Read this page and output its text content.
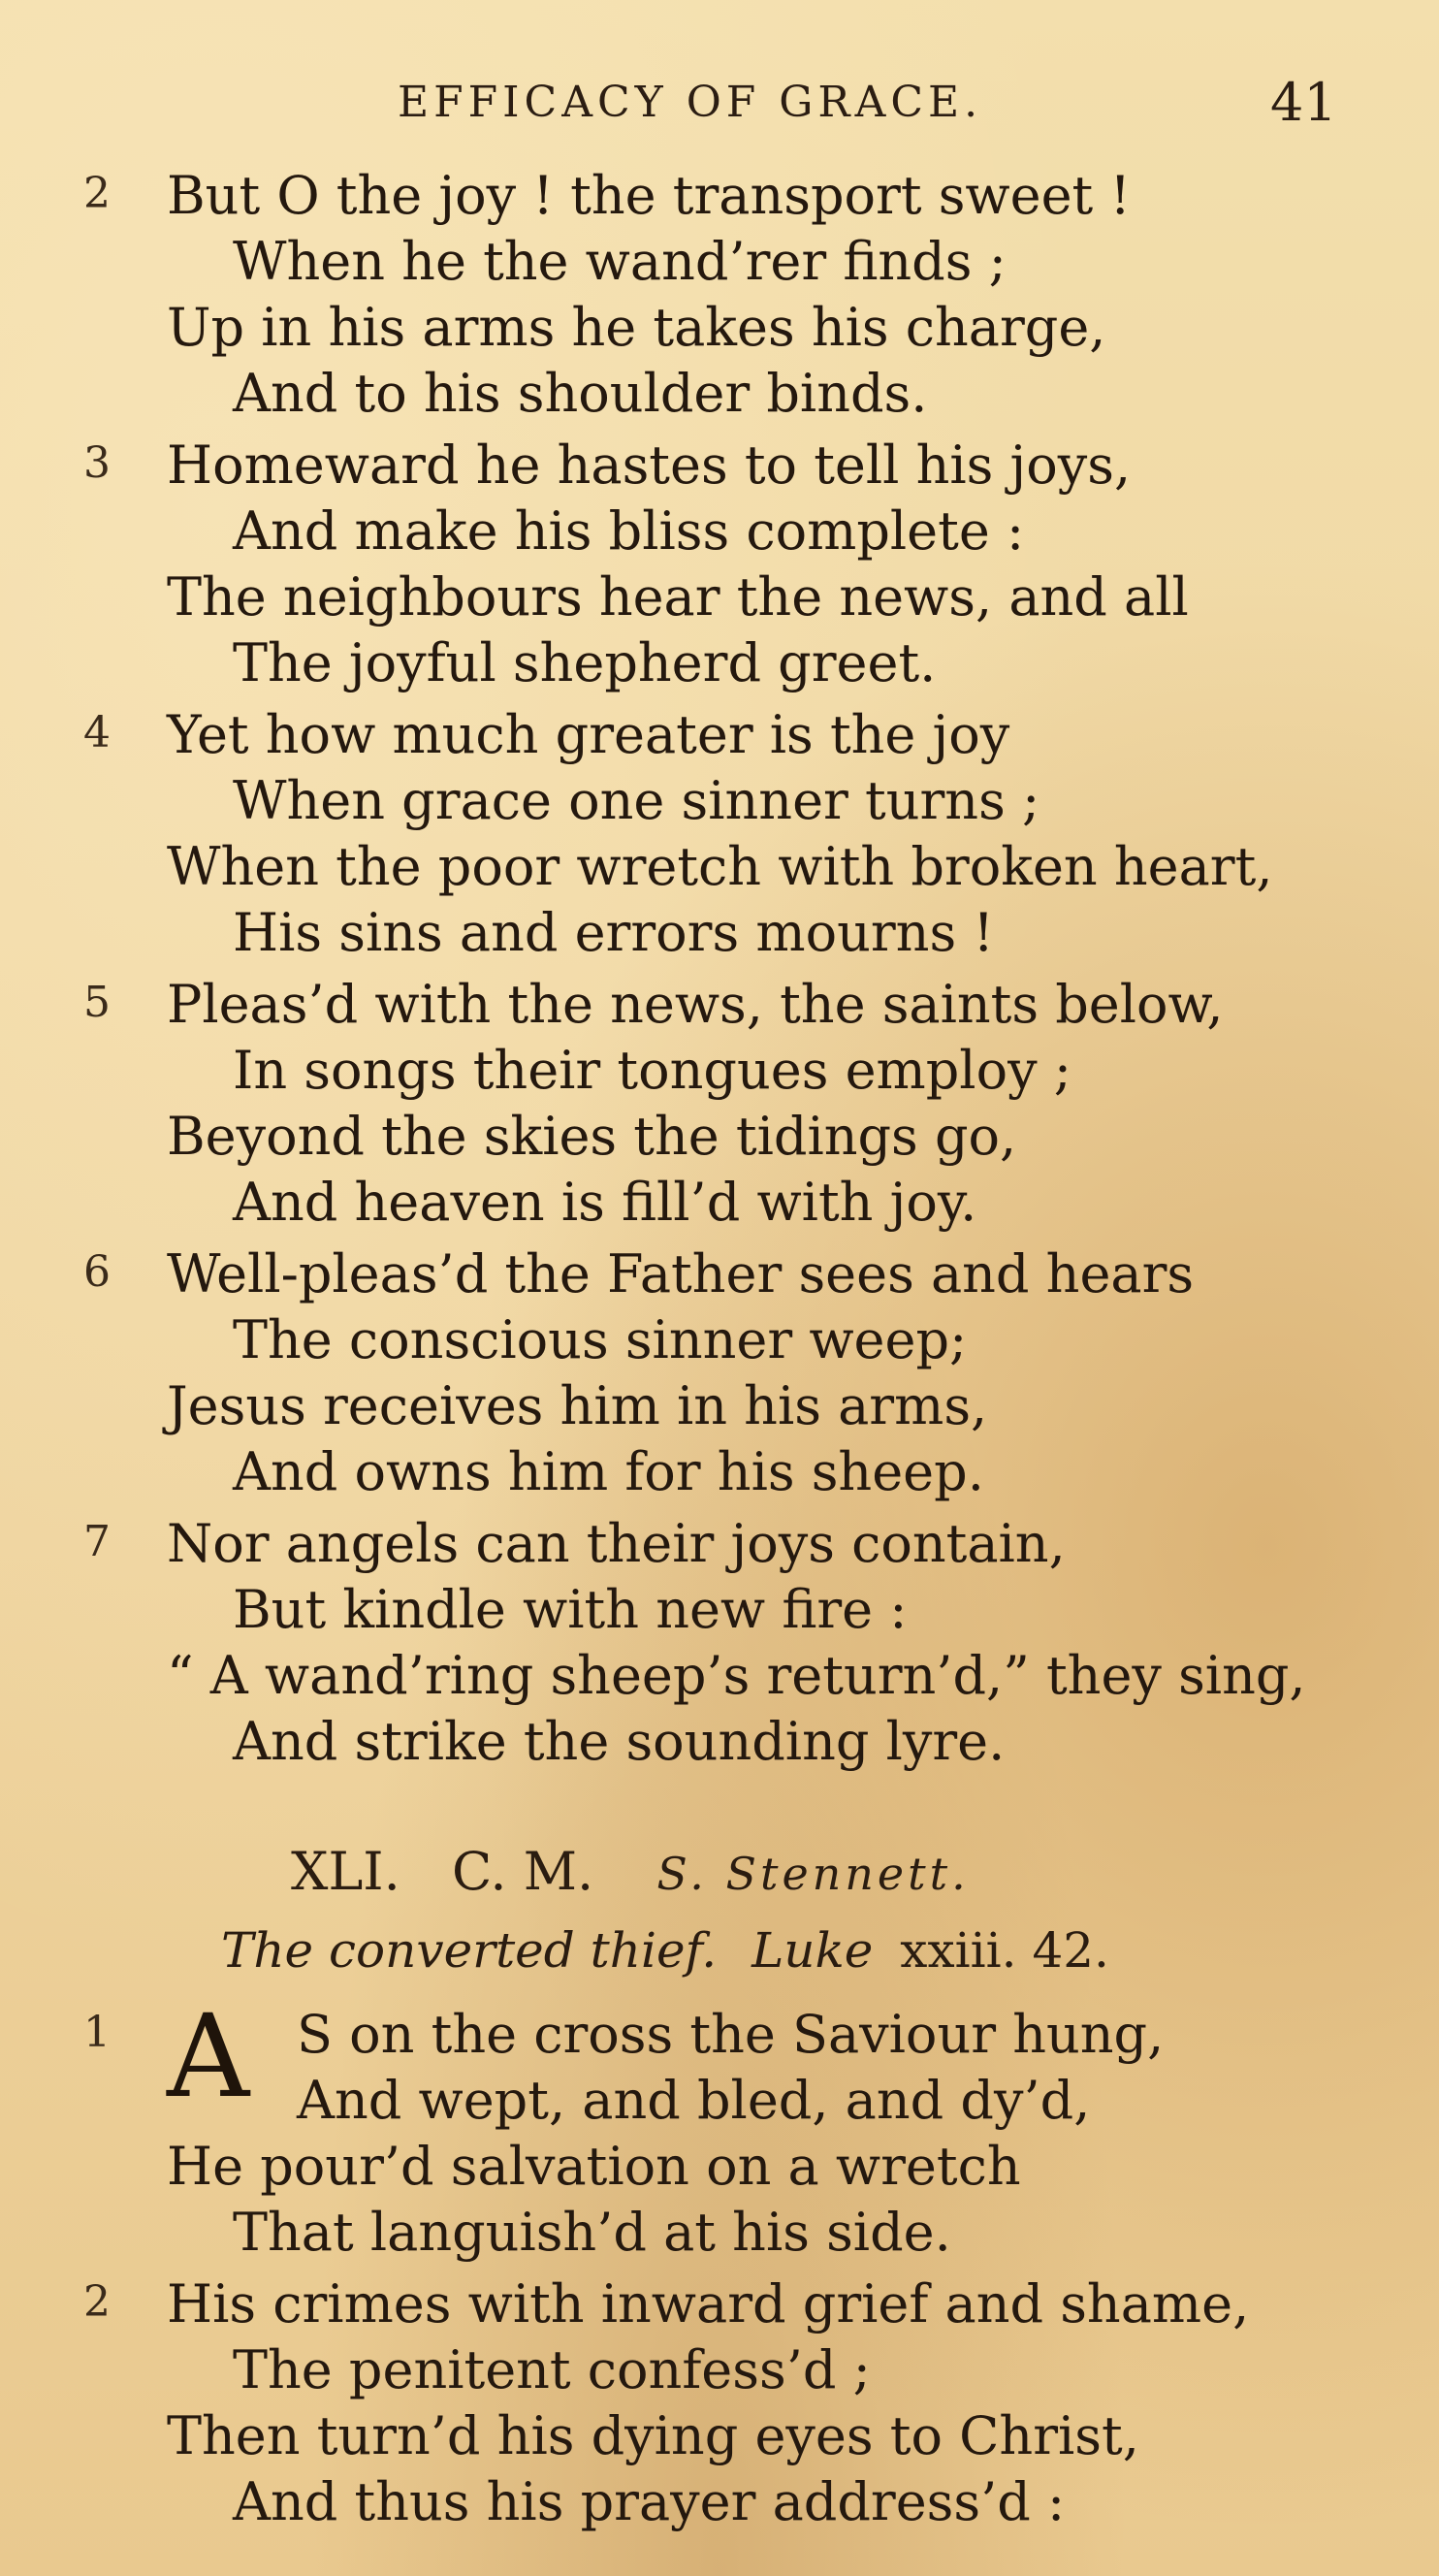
EFFICACY OF GRACE.	41
2	But O the joy ! the transport sweet !
When he the wand’rer finds ;
Up in his arms he takes his charge,
And to his shoulder binds.
3	Homeward he hastes to tell his joys,
And make his bliss complete :
The neighbours hear the news, and all
The joyful shepherd greet.
4	Yet how much greater is the joy
When grace one sinner turns ;
When the poor wretch with broken heart,
His sins and errors mourns !
5	Pleas’d with the news, the saints below,
In songs their tongues employ ;
Beyond the skies the tidings go,
And heaven is fill’d with joy.
6	Well-pleas’d the Father sees and hears
The conscious sinner weep;
Jesus receives him in his arms,
And owns him for his sheep.
7	Nor angels can their joys contain,
But kindle with new fire :
“ A wand’ring sheep’s return’d,” they sing,
And strike the sounding lyre.
XLI. C. M. S. Stennett.
The converted thief. Luke xxiii. 42.
A
1	S on the cross the Saviour hung,
And wept, and bled, and dy’d,
He pour’d salvation on a wretch
That languish’d at his side.
2	His crimes with inward grief and shame,
The penitent confess’d ;
Then turn’d his dying eyes to Christ,
And thus his prayer address’d :
